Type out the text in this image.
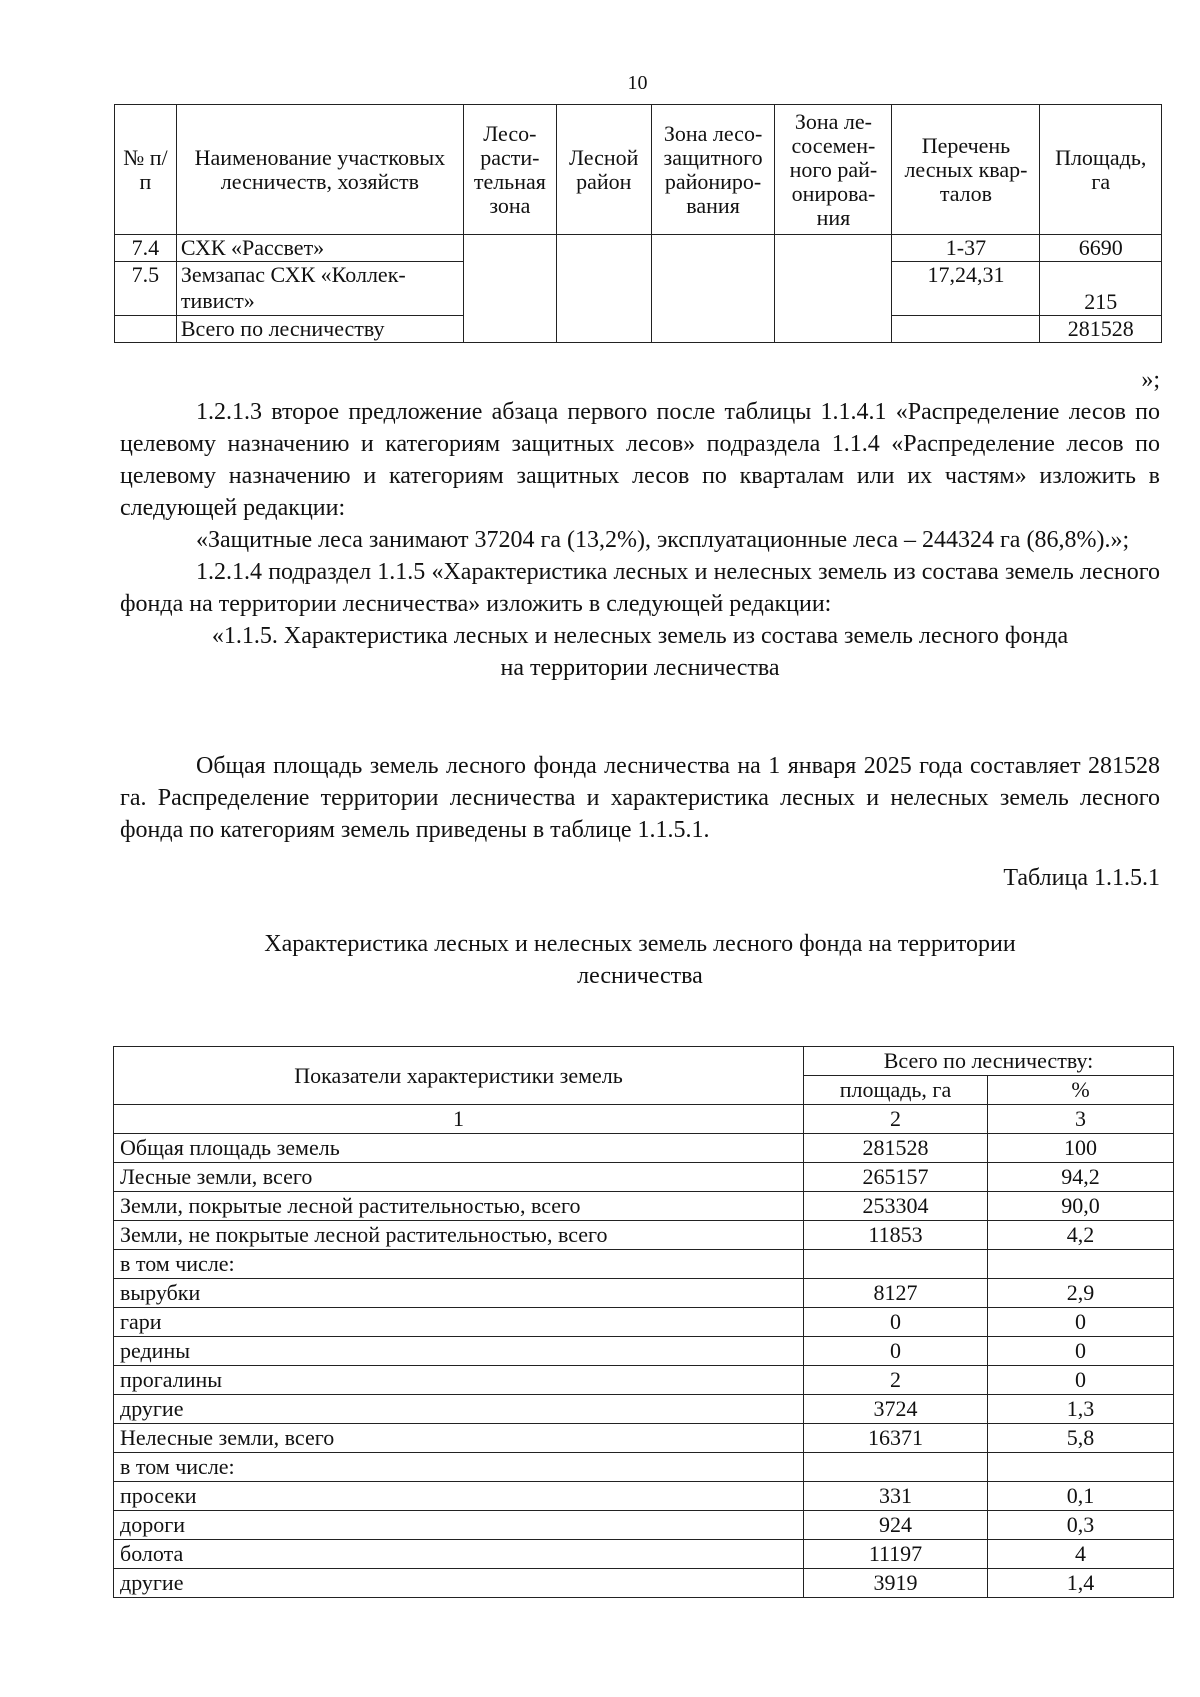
10
№ п/п	Наименование участковых лесничеств, хозяйств	Лесо-расти-тельная зона	Лесной район	Зона лесо-защитного райониро-вания	Зона ле-сосемен-ного рай-онирова-ния	Перечень лесных квар-талов	Площадь, га
7.4	СХК «Рассвет»					1-37	6690
7.5	Земзапас СХК «Коллек-тивист»					17,24,31	215
	Всего по лесничеству						281528
»;

1.2.1.3 второе предложение абзаца первого после таблицы 1.1.4.1 «Распределение лесов по целевому назначению и категориям защитных лесов» подраздела 1.1.4 «Распределение лесов по целевому назначению и категориям защитных лесов по кварталам или их частям» изложить в следующей редакции:

«Защитные леса занимают 37204 га (13,2%), эксплуатационные леса – 244324 га (86,8%).»;

1.2.1.4 подраздел 1.1.5 «Характеристика лесных и нелесных земель из состава земель лесного фонда на территории лесничества» изложить в следующей редакции:

«1.1.5. Характеристика лесных и нелесных земель из состава земель лесного фонда
на территории лесничества

Общая площадь земель лесного фонда лесничества на 1 января 2025 года составляет 281528 га. Распределение территории лесничества и характеристика лесных и нелесных земель лесного фонда по категориям земель приведены в таблице 1.1.5.1.

Таблица 1.1.5.1
Характеристика лесных и нелесных земель лесного фонда на территории
лесничества
Показатели характеристики земель	Всего по лесничеству:	
	площадь, га	%
1	2	3
Общая площадь земель	281528	100
Лесные земли, всего	265157	94,2
Земли, покрытые лесной растительностью, всего	253304	90,0
Земли, не покрытые лесной растительностью, всего	11853	4,2
в том числе:		
вырубки	8127	2,9
гари	0	0
редины	0	0
прогалины	2	0
другие	3724	1,3
Нелесные земли, всего	16371	5,8
в том числе:		
просеки	331	0,1
дороги	924	0,3
болота	11197	4
другие	3919	1,4
